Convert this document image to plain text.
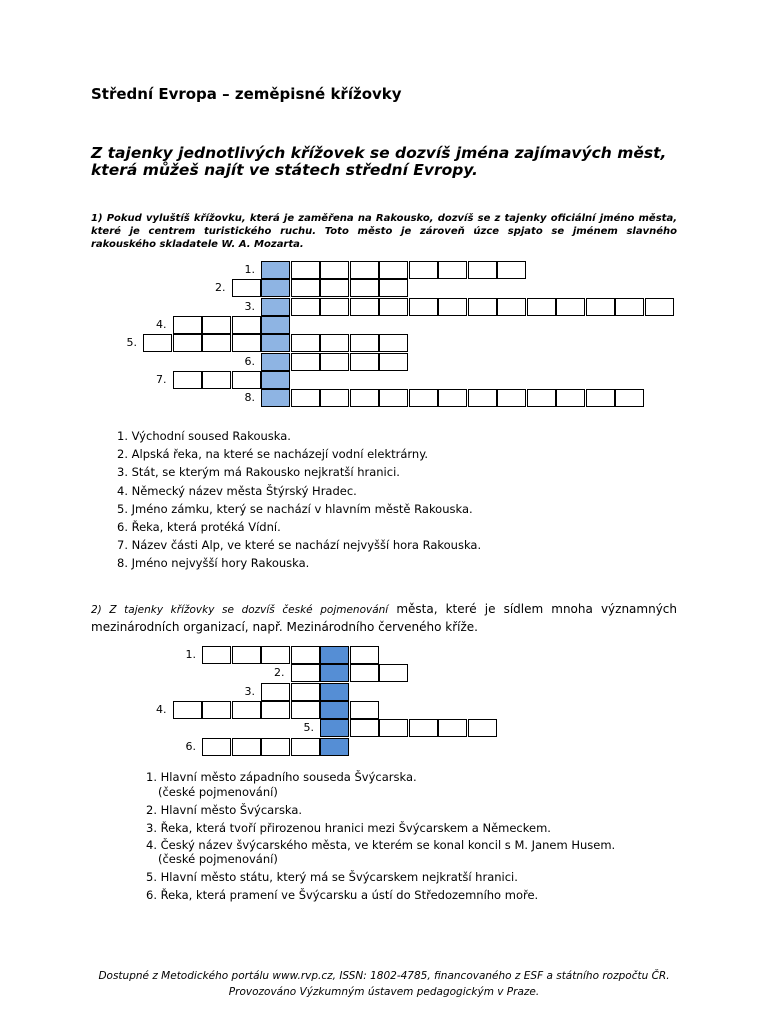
Střední Evropa – zeměpisné křížovky
Z tajenky jednotlivých křížovek se dozvíš jména zajímavých měst, která můžeš najít ve státech střední Evropy.
1) Pokud vyluštíš křížovku, která je zaměřena na Rakousko, dozvíš se z tajenky oficiální jméno města, které je centrem turistického ruchu. Toto město je zároveň úzce spjato se jménem slavného rakouského skladatele W. A. Mozarta.
1.
2.
3.
4.
5.
6.
7.
8.
1. Východní soused Rakouska.
2. Alpská řeka, na které se nacházejí vodní elektrárny.
3. Stát, se kterým má Rakousko nejkratší hranici.
4. Německý název města Štýrský Hradec.
5. Jméno zámku, který se nachází v hlavním městě Rakouska.
6. Řeka, která protéká Vídní.
7. Název části Alp, ve které se nachází nejvyšší hora Rakouska.
8. Jméno nejvyšší hory Rakouska.
2) Z tajenky křížovky se dozvíš české pojmenování města, které je sídlem mnoha významných mezinárodních organizací, např. Mezinárodního červeného kříže.
1.
2.
3.
4.
5.
6.
1. Hlavní město západního souseda Švýcarska.
(české pojmenování)
2. Hlavní město Švýcarska.
3. Řeka, která tvoří přirozenou hranici mezi Švýcarskem a Německem.
4. Český název švýcarského města, ve kterém se konal koncil s M. Janem Husem.
(české pojmenování)
5. Hlavní město státu, který má se Švýcarskem nejkratší hranici.
6. Řeka, která pramení ve Švýcarsku a ústí do Středozemního moře.
Dostupné z Metodického portálu www.rvp.cz, ISSN: 1802-4785, financovaného z ESF a státního rozpočtu ČR.
Provozováno Výzkumným ústavem pedagogickým v Praze.
